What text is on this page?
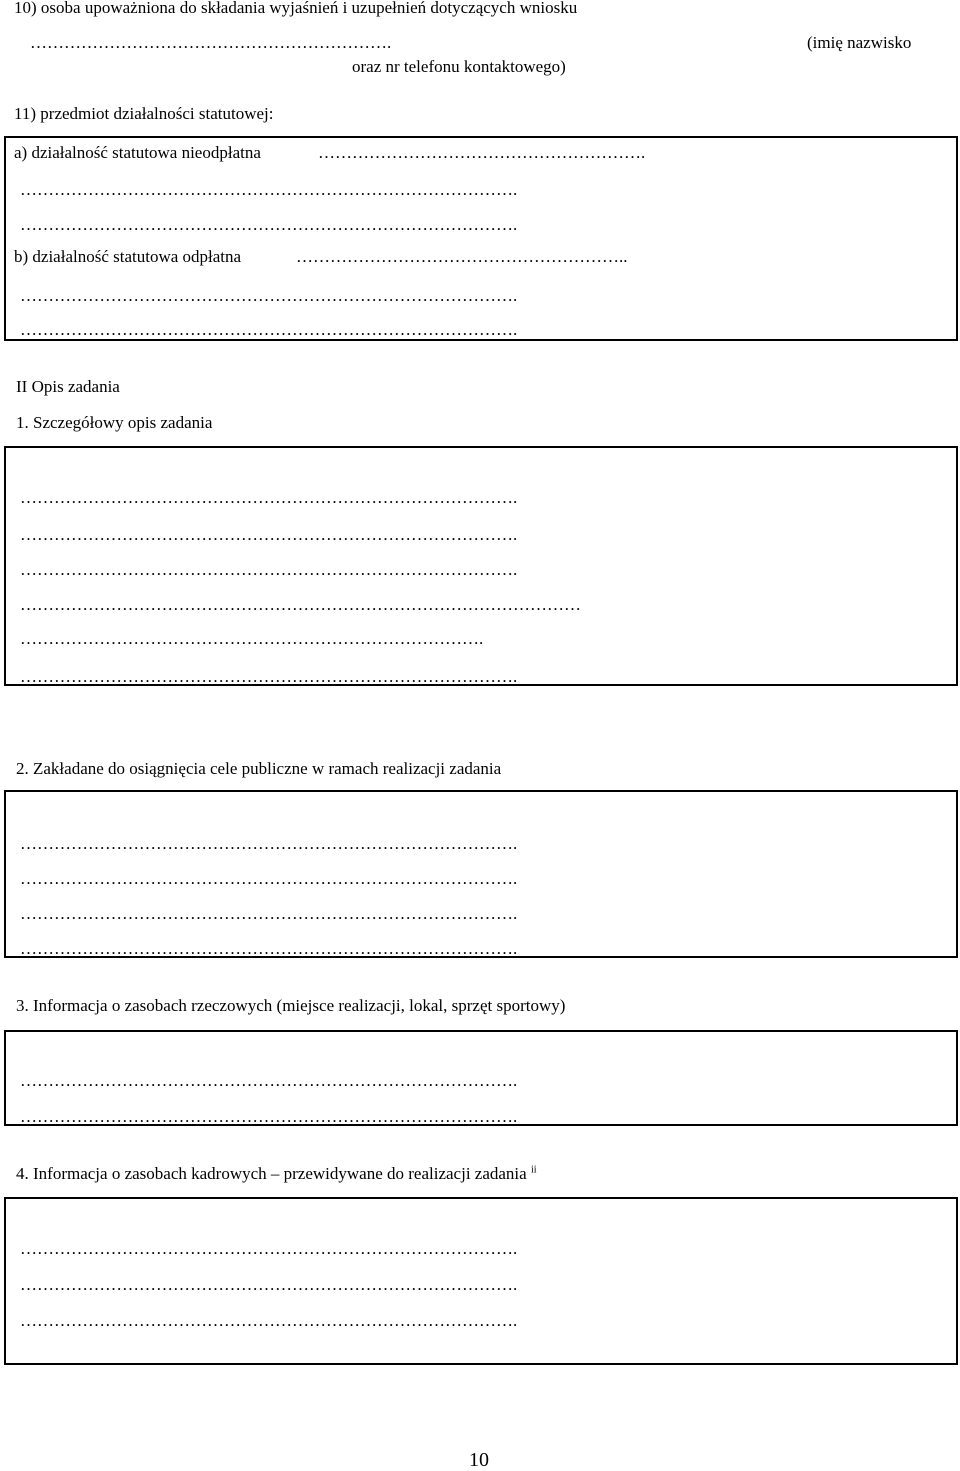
10) osoba upoważniona do składania wyjaśnień i uzupełnień dotyczących wniosku
……………………………………………………….	(imię nazwisko
oraz nr telefonu kontaktowego)
11) przedmiot działalności statutowej:
a) działalność statutowa nieodpłatna	………………………………………………….
…………………………………………………………………………….
…………………………………………………………………………….
b) działalność statutowa odpłatna	…………………………………………………..
…………………………………………………………………………….
…………………………………………………………………………….
II Opis zadania
1. Szczegółowy opis zadania
…………………………………………………………………………….
…………………………………………………………………………….
…………………………………………………………………………….
………………………………………………………………………………………
……………………………………………………………………….
…………………………………………………………………………….
2. Zakładane do osiągnięcia cele publiczne w ramach realizacji zadania
…………………………………………………………………………….
…………………………………………………………………………….
…………………………………………………………………………….
…………………………………………………………………………….
3. Informacja o zasobach rzeczowych (miejsce realizacji, lokal, sprzęt sportowy)
…………………………………………………………………………….
…………………………………………………………………………….
4. Informacja o zasobach kadrowych – przewidywane do realizacji zadania $^{ii}$
…………………………………………………………………………….
…………………………………………………………………………….
…………………………………………………………………………….
10
